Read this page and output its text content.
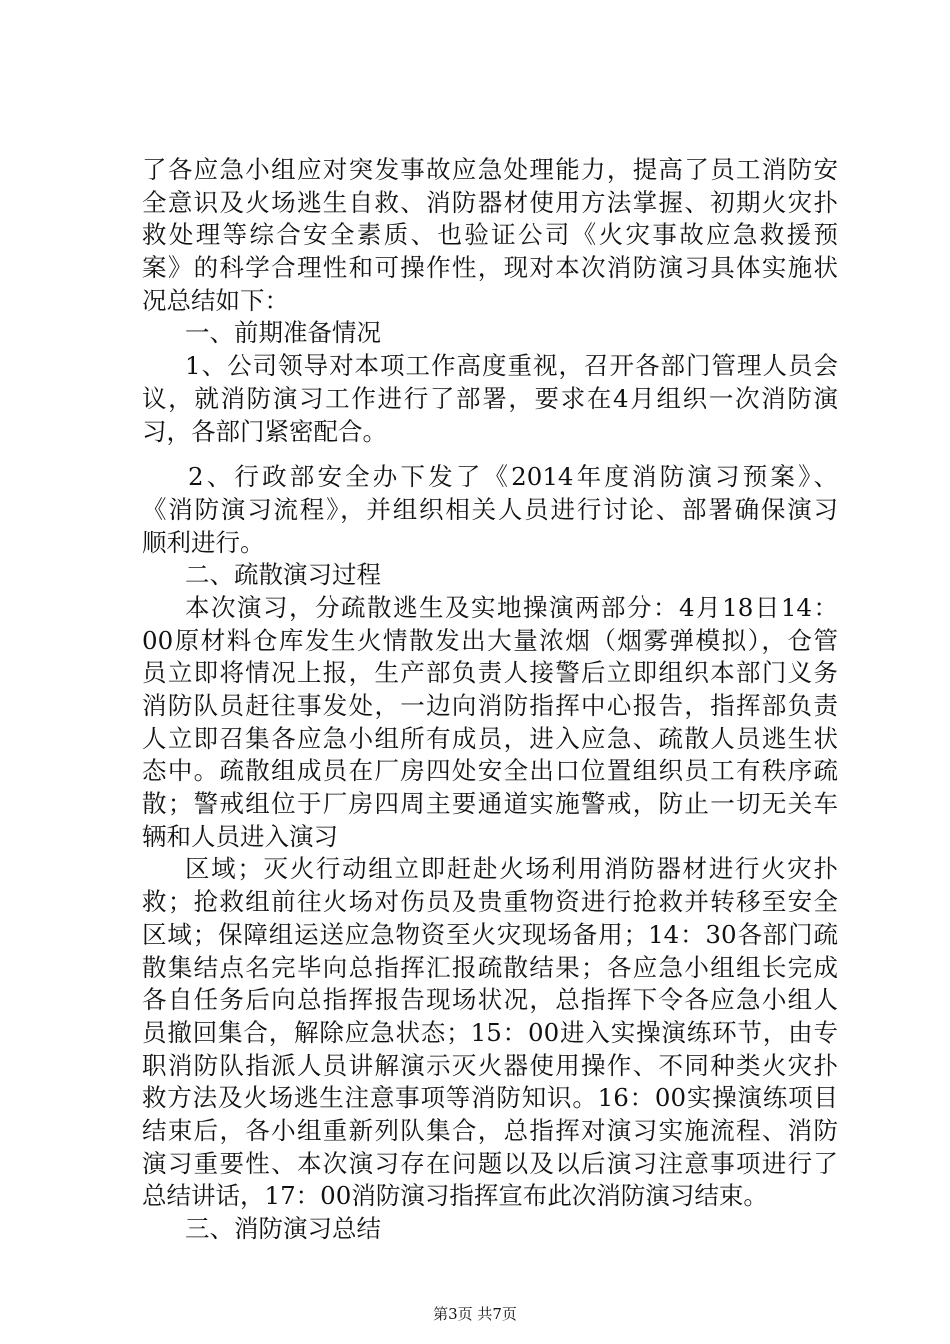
了各应急小组应对突发事故应急处理能力，提高了员工消防安
全意识及火场逃生自救、消防器材使用方法掌握、初期火灾扑
救处理等综合安全素质、也验证公司《火灾事故应急救援预
案》的科学合理性和可操作性，现对本次消防演习具体实施状
况总结如下：
一、前期准备情况
1、公司领导对本项工作高度重视，召开各部门管理人员会
议，就消防演习工作进行了部署，要求在4月组织一次消防演
习，各部门紧密配合。
2、行政部安全办下发了《2014年度消防演习预案》、
《消防演习流程》，并组织相关人员进行讨论、部署确保演习
顺利进行。
二、疏散演习过程
本次演习，分疏散逃生及实地操演两部分：4月18日14：
00原材料仓库发生火情散发出大量浓烟（烟雾弹模拟），仓管
员立即将情况上报，生产部负责人接警后立即组织本部门义务
消防队员赶往事发处，一边向消防指挥中心报告，指挥部负责
人立即召集各应急小组所有成员，进入应急、疏散人员逃生状
态中。疏散组成员在厂房四处安全出口位置组织员工有秩序疏
散；警戒组位于厂房四周主要通道实施警戒，防止一切无关车
辆和人员进入演习
区域；灭火行动组立即赶赴火场利用消防器材进行火灾扑
救；抢救组前往火场对伤员及贵重物资进行抢救并转移至安全
区域；保障组运送应急物资至火灾现场备用；14：30各部门疏
散集结点名完毕向总指挥汇报疏散结果；各应急小组组长完成
各自任务后向总指挥报告现场状况，总指挥下令各应急小组人
员撤回集合，解除应急状态；15：00进入实操演练环节，由专
职消防队指派人员讲解演示灭火器使用操作、不同种类火灾扑
救方法及火场逃生注意事项等消防知识。16：00实操演练项目
结束后，各小组重新列队集合，总指挥对演习实施流程、消防
演习重要性、本次演习存在问题以及以后演习注意事项进行了
总结讲话，17：00消防演习指挥宣布此次消防演习结束。
三、消防演习总结
第3页 共7页
